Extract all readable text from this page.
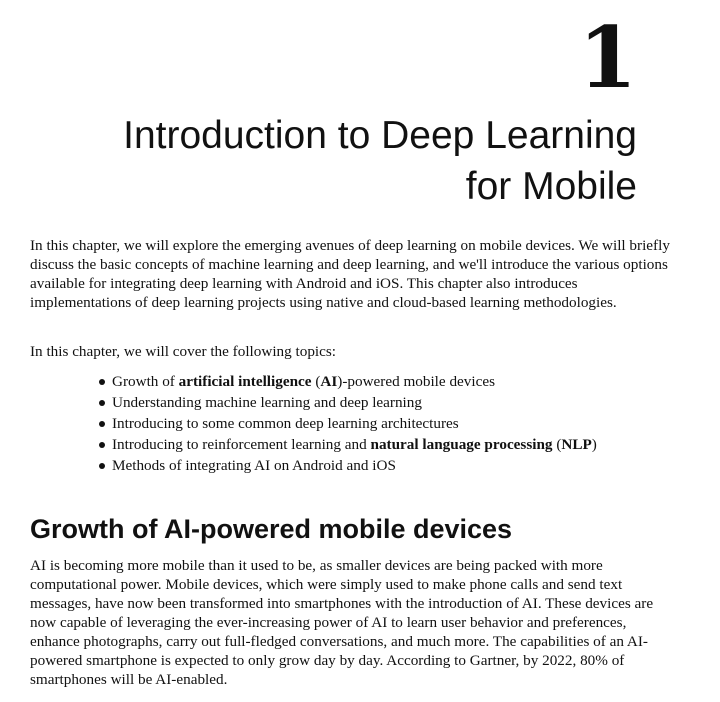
1
Introduction to Deep Learning
for Mobile

In this chapter, we will explore the emerging avenues of deep learning on mobile devices. We will briefly discuss the basic concepts of machine learning and deep learning, and we'll introduce the various options available for integrating deep learning with Android and iOS. This chapter also introduces implementations of deep learning projects using native and cloud-based learning methodologies.

In this chapter, we will cover the following topics:

Growth of artificial intelligence (AI)-powered mobile devices
Understanding machine learning and deep learning
Introducing to some common deep learning architectures
Introducing to reinforcement learning and natural language processing (NLP)
Methods of integrating AI on Android and iOS
Growth of AI-powered mobile devices

AI is becoming more mobile than it used to be, as smaller devices are being packed with more computational power. Mobile devices, which were simply used to make phone calls and send text messages, have now been transformed into smartphones with the introduction of AI. These devices are now capable of leveraging the ever-increasing power of AI to learn user behavior and preferences, enhance photographs, carry out full-fledged conversations, and much more. The capabilities of an AI-powered smartphone is expected to only grow day by day. According to Gartner, by 2022, 80% of smartphones will be AI-enabled.
